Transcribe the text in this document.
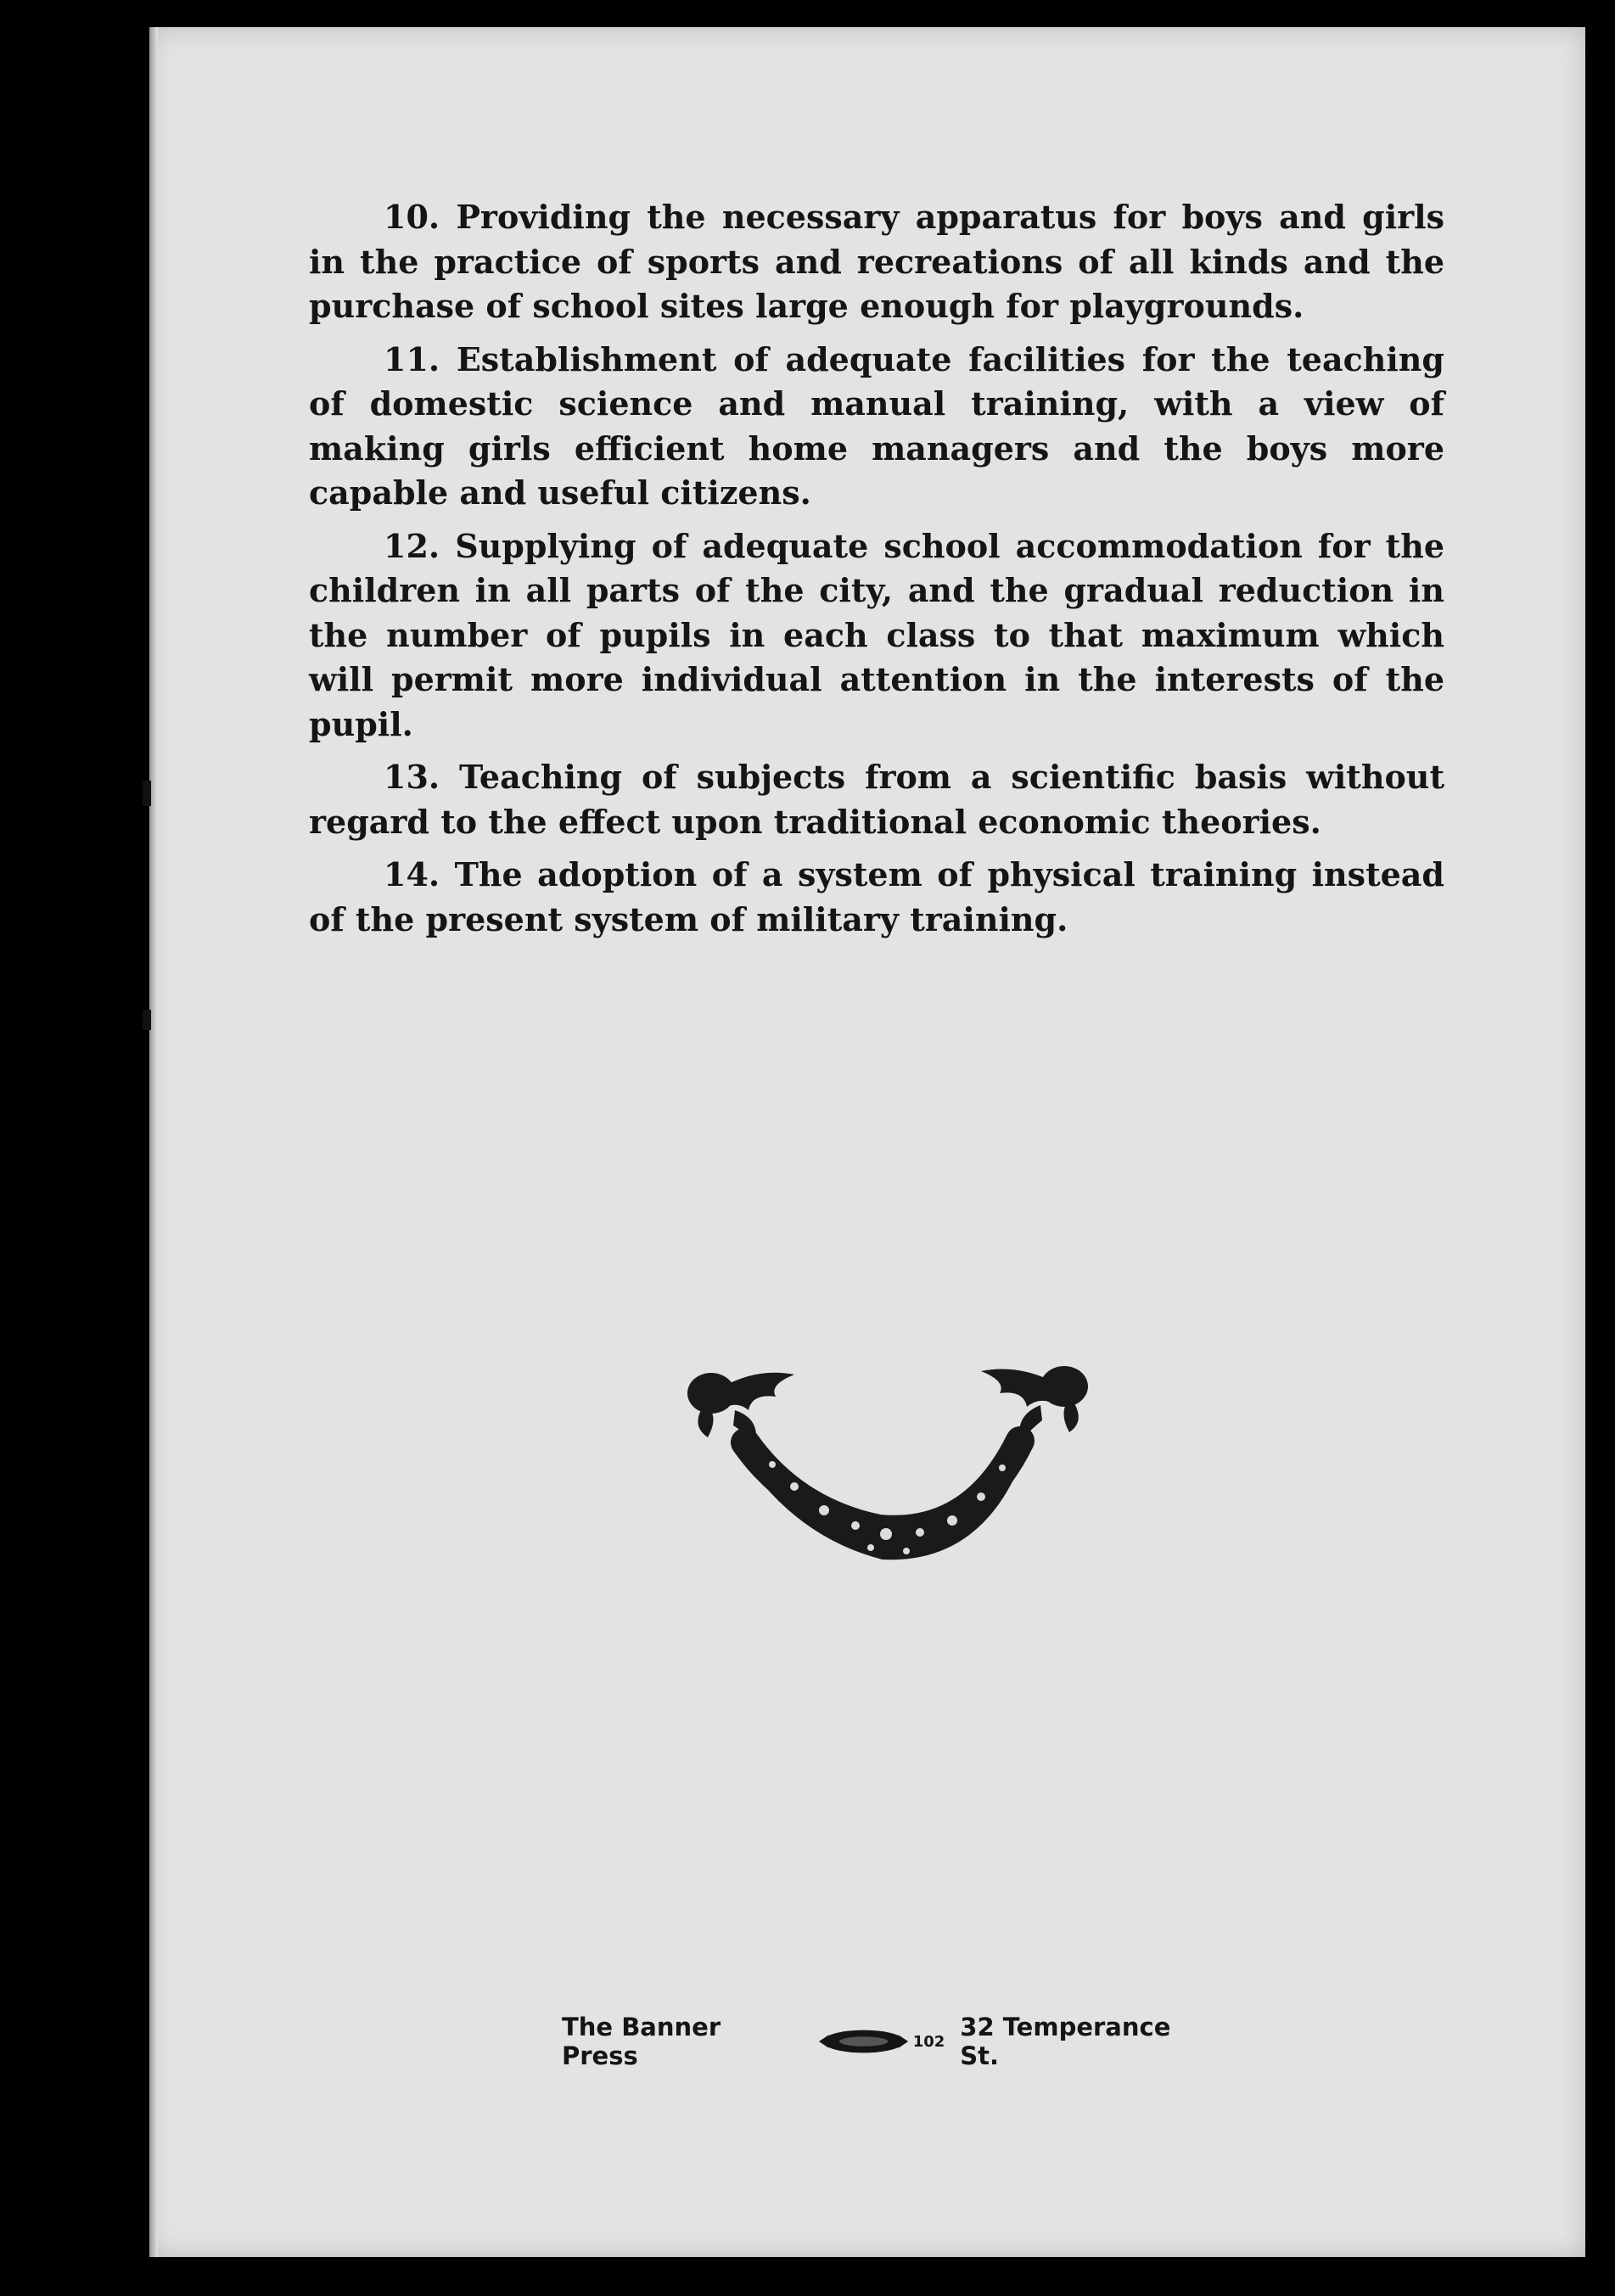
10. Providing the necessary apparatus for boys and girls in the practice of sports and recreations of all kinds and the purchase of school sites large enough for playgrounds.

11. Establishment of adequate facilities for the teaching of domestic science and manual training, with a view of making girls efficient home managers and the boys more capable and useful citizens.

12. Supplying of adequate school accommodation for the children in all parts of the city, and the gradual reduction in the number of pupils in each class to that maximum which will permit more individual attention in the interests of the pupil.

13. Teaching of subjects from a scientific basis without regard to the effect upon traditional economic theories.

14. The adoption of a system of physical training instead of the present system of military training.

The Banner Press	102 32 Temperance St.
